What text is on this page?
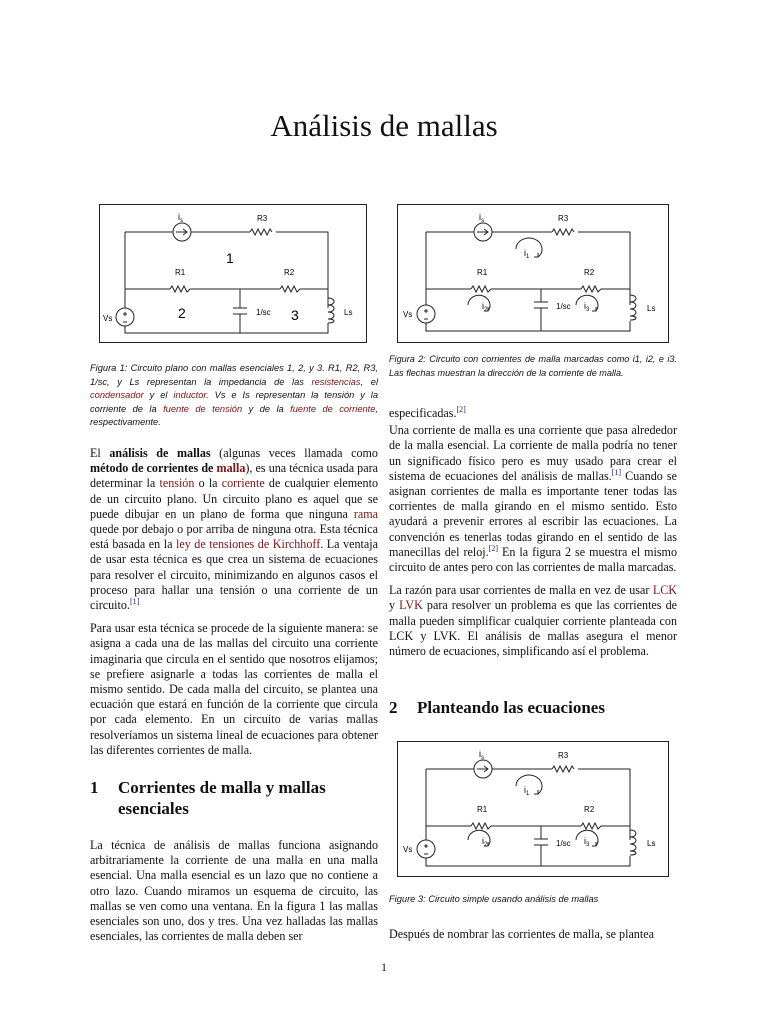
Análisis de mallas
$i_s$	R3
R1	R2
Vs
1/sc	Ls
1
2	3
Figura 1: Circuito plano con mallas esenciales 1, 2, y 3. R1, R2, R3, 1/sc, y Ls representan la impedancia de las resistencias, el condensador y el inductor. Vs e Is representan la tensión y la corriente de la fuente de tensión y de la fuente de corriente, respectivamente.
$i_s$	R3
R1	R2
Vs
1/sc	Ls
$i_1$
$i_2$	$i_3$
Figura 2: Circuito con corrientes de malla marcadas como i1, i2, e i3. Las flechas muestran la dirección de la corriente de malla.

El análisis de mallas (algunas veces llamada como método de corrientes de malla), es una técnica usada para determinar la tensión o la corriente de cualquier elemento de un circuito plano. Un circuito plano es aquel que se puede dibujar en un plano de forma que ninguna rama quede por debajo o por arriba de ninguna otra. Esta técnica está basada en la ley de tensiones de Kirchhoff. La ventaja de usar esta técnica es que crea un sistema de ecuaciones para resolver el circuito, minimizando en algunos casos el proceso para hallar una tensión o una corriente de un circuito.[1]

Para usar esta técnica se procede de la siguiente manera: se asigna a cada una de las mallas del circuito una corriente imaginaria que circula en el sentido que nosotros elijamos; se prefiere asignarle a todas las corrientes de malla el mismo sentido. De cada malla del circuito, se plantea una ecuación que estará en función de la corriente que circula por cada elemento. En un circuito de varias mallas resolveríamos un sistema lineal de ecuaciones para obtener las diferentes corrientes de malla.

1 Corrientes de malla y mallas
esenciales

La técnica de análisis de mallas funciona asignando arbitrariamente la corriente de una malla en una malla esencial. Una malla esencial es un lazo que no contiene a otro lazo. Cuando miramos un esquema de circuito, las mallas se ven como una ventana. En la figura 1 las mallas esenciales son uno, dos y tres. Una vez halladas las mallas esenciales, las corrientes de malla deben ser

especificadas.[2]

Una corriente de malla es una corriente que pasa alrededor de la malla esencial. La corriente de malla podría no tener un significado físico pero es muy usado para crear el sistema de ecuaciones del análisis de mallas.[1] Cuando se asignan corrientes de malla es importante tener todas las corrientes de malla girando en el mismo sentido. Esto ayudará a prevenir errores al escribir las ecuaciones. La convención es tenerlas todas girando en el sentido de las manecillas del reloj.[2] En la figura 2 se muestra el mismo circuito de antes pero con las corrientes de malla marcadas.

La razón para usar corrientes de malla en vez de usar LCK y LVK para resolver un problema es que las corrientes de malla pueden simplificar cualquier corriente planteada con LCK y LVK. El análisis de mallas asegura el menor número de ecuaciones, simplificando así el problema.

2 Planteando las ecuaciones
$i_s$	R3
R1	R2
Vs
1/sc	Ls
$i_1$
$i_2$	$i_3$
Figure 3: Circuito simple usando análisis de mallas

Después de nombrar las corrientes de malla, se plantea

1
